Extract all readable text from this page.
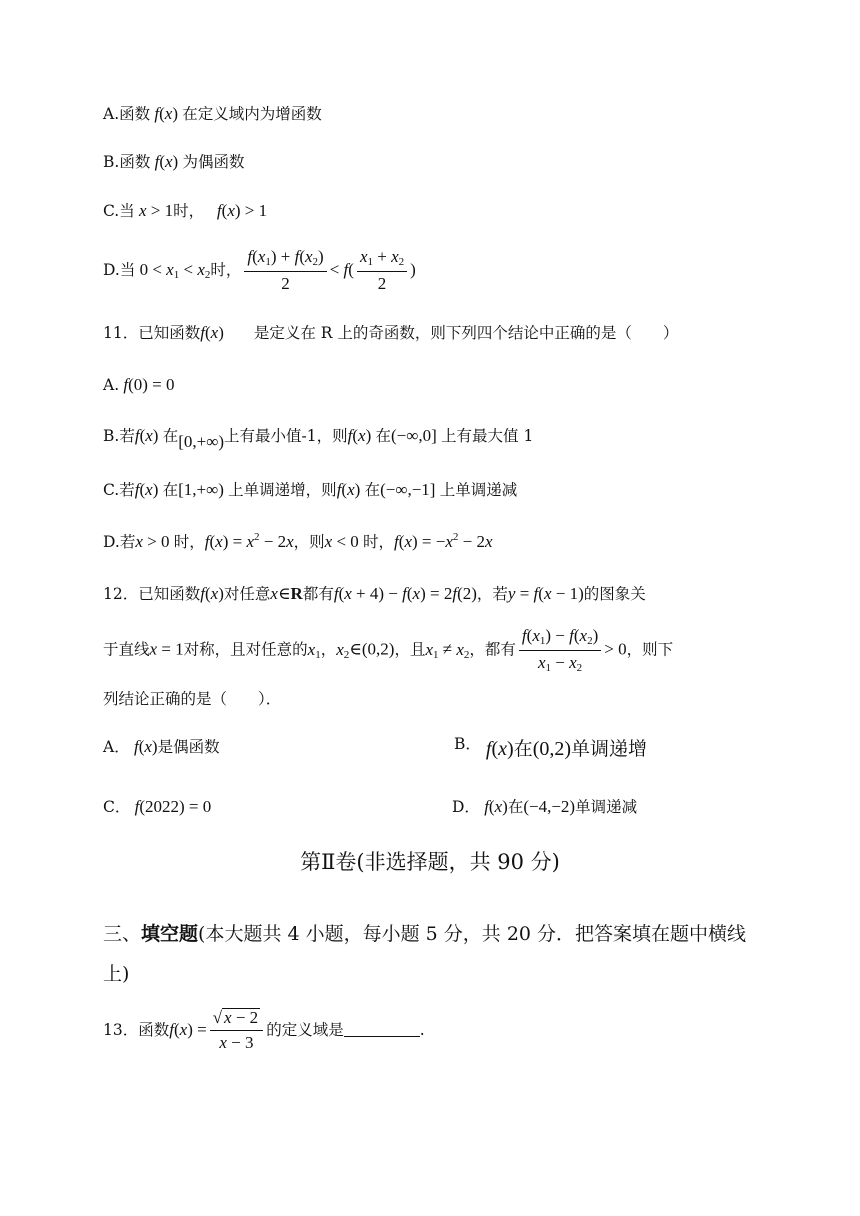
A.函数 f(x) 在定义域内为增函数
B.函数 f(x) 为偶函数
C.当 x > 1时，   f(x) > 1
D.当 $0 < x_1 < x_2$时， $\frac{f(x_1) + f(x_2)}{2} < f( \frac{x_1 + x_2}{2}$ )
11．已知函数f(x) 是定义在 R 上的奇函数，则下列四个结论中正确的是（　　）
A. f(0) = 0
B.若f(x) 在[0,+∞)上有最小值-1，则f(x) 在(−∞,0] 上有最大值 1
C.若f(x) 在[1,+∞) 上单调递增，则f(x) 在(−∞,−1] 上单调递减
D.若x > 0 时，$f(x) = x^2 - 2x$，则x < 0 时，$f(x) = -x^2 - 2x$
12．已知函数f(x)对任意x∈R都有f(x + 4) − f(x) = 2f(2)，若y = f(x − 1)的图象关
于直线x = 1对称，且对任意的$x_1$，$x_2\in(0,2)$，且$x_1 \ne x_2$，都有 $\frac{f(x_1) - f(x_2)}{x_1 - x_2} > 0$，则下
列结论正确的是（　　）．
A． f(x)是偶函数	B． f(x)在(0,2)单调递增
C． f(2022) = 0	D． f(x)在(−4,−2)单调递减
第Ⅱ卷(非选择题，共 90 分)
三、填空题(本大题共 4 小题，每小题 5 分，共 20 分．把答案填在题中横线上)
13．函数$f(x) = \frac{√ x - 2}{x - 3}$ 的定义域是	.
